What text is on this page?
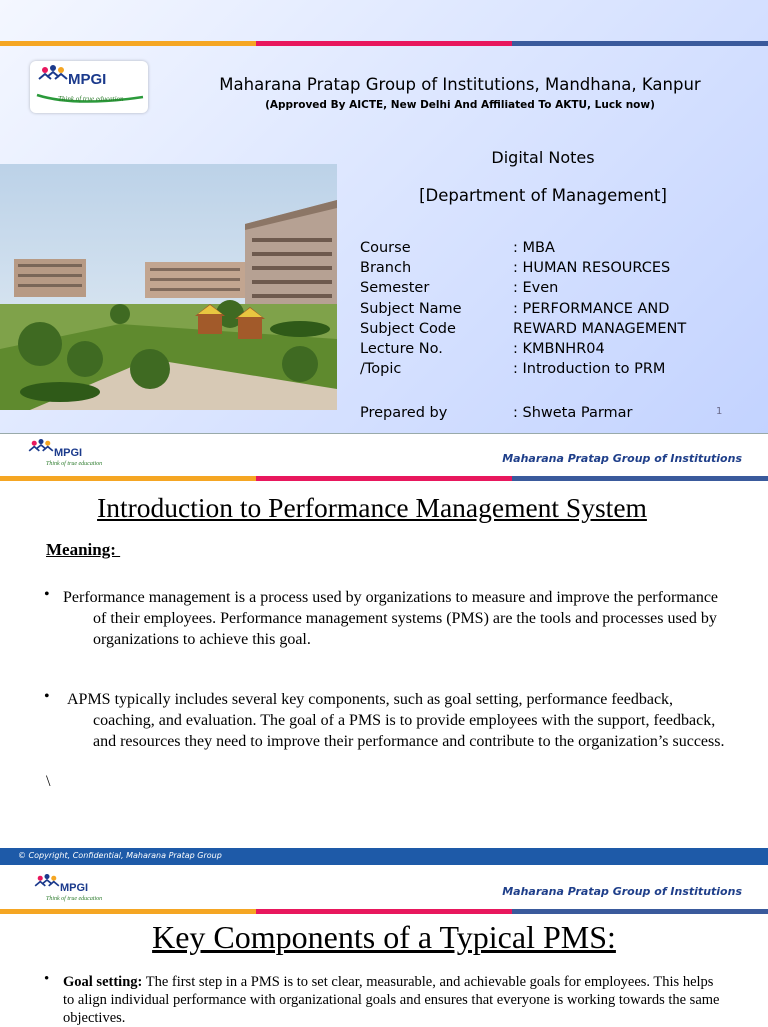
MPGI
Think of true education
Maharana Pratap Group of Institutions, Mandhana, Kanpur
(Approved By AICTE, New Delhi And Affiliated To AKTU, Luck now)
Digital Notes
[Department of Management]
Course	: MBA
Branch	: HUMAN RESOURCES
Semester	: Even
Subject Name	: PERFORMANCE AND
Subject Code	REWARD MANAGEMENT
Lecture No.	: KMBNHR04
/Topic	: Introduction to PRM
Prepared by	: Shweta Parmar	1
MPGI
Think of true education	Maharana Pratap Group of Institutions
Introduction to Performance Management System
Meaning:
• Performance management is a process used by organizations to measure and improve the performance of their employees. Performance management systems (PMS) are the tools and processes used by organizations to achieve this goal.
• APMS typically includes several key components, such as goal setting, performance feedback, coaching, and evaluation. The goal of a PMS is to provide employees with the support, feedback, and resources they need to improve their performance and contribute to the organization’s success.
\
© Copyright, Confidential, Maharana Pratap Group
MPGI
Think of true education
Maharana Pratap Group of Institutions
Key Components of a Typical PMS:
• Goal setting: The first step in a PMS is to set clear, measurable, and achievable goals for employees. This helps to align individual performance with organizational goals and ensures that everyone is working towards the same objectives.
